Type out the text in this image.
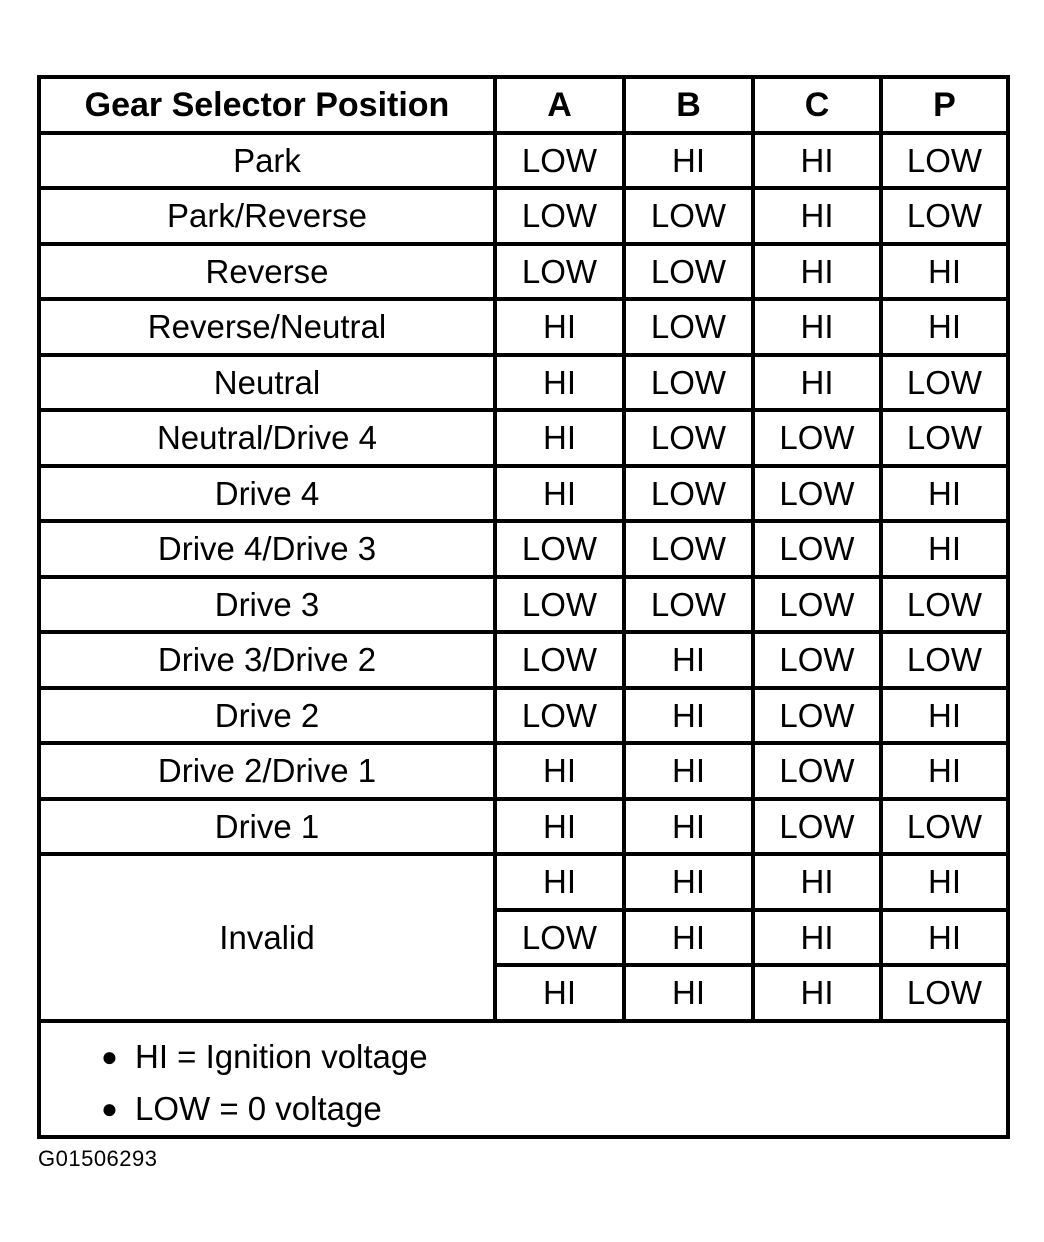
Gear Selector Position	A	B	C	P
Park	LOW	HI	HI	LOW
Park/Reverse	LOW	LOW	HI	LOW
Reverse	LOW	LOW	HI	HI
Reverse/Neutral	HI	LOW	HI	HI
Neutral	HI	LOW	HI	LOW
Neutral/Drive 4	HI	LOW	LOW	LOW
Drive 4	HI	LOW	LOW	HI
Drive 4/Drive 3	LOW	LOW	LOW	HI
Drive 3	LOW	LOW	LOW	LOW
Drive 3/Drive 2	LOW	HI	LOW	LOW
Drive 2	LOW	HI	LOW	HI
Drive 2/Drive 1	HI	HI	LOW	HI
Drive 1	HI	HI	LOW	LOW
Invalid	HI	HI	HI	HI
	LOW	HI	HI	HI
	HI	HI	HI	LOW

● HI = Ignition voltage
● LOW = 0 voltage				
G01506293
